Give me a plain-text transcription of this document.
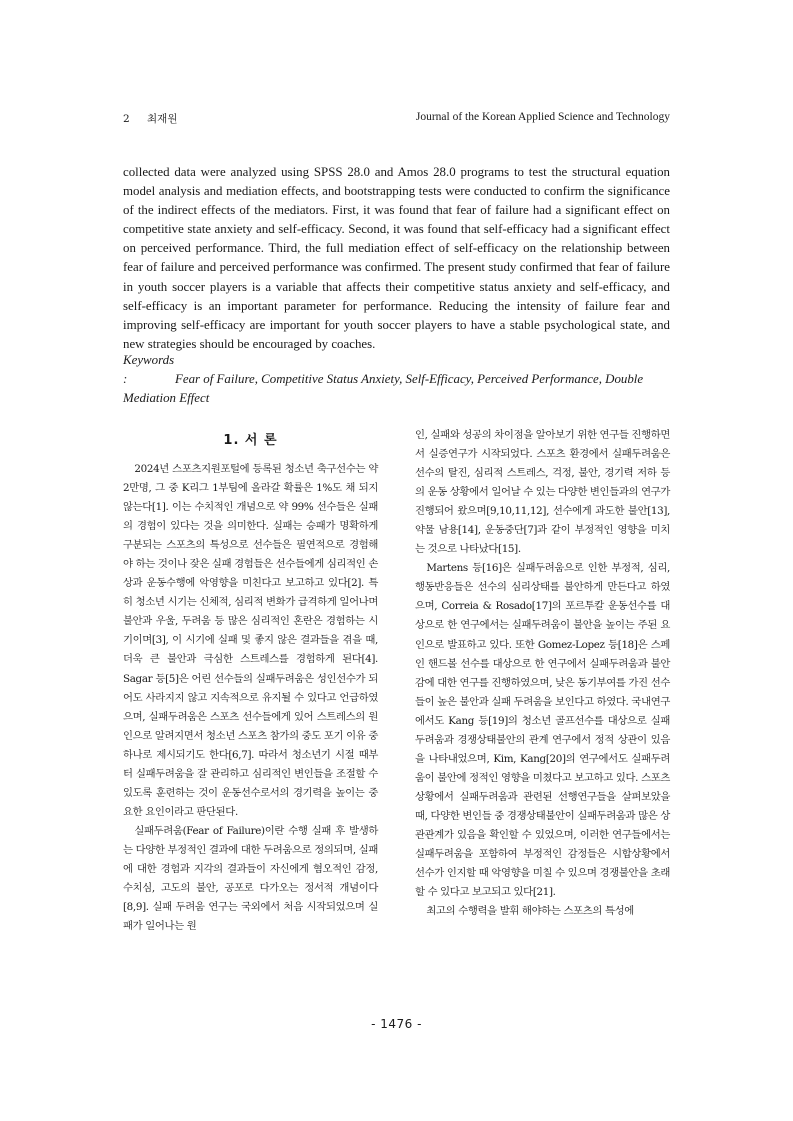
2 최재원	Journal of the Korean Applied Science and Technology
collected data were analyzed using SPSS 28.0 and Amos 28.0 programs to test the structural equation model analysis and mediation effects, and bootstrapping tests were conducted to confirm the significance of the indirect effects of the mediators. First, it was found that fear of failure had a significant effect on competitive state anxiety and self-efficacy. Second, it was found that self-efficacy had a significant effect on perceived performance. Third, the full mediation effect of self-efficacy on the relationship between fear of failure and perceived performance was confirmed. The present study confirmed that fear of failure in youth soccer players is a variable that affects their competitive status anxiety and self-efficacy, and self-efficacy is an important parameter for performance. Reducing the intensity of failure fear and improving self-efficacy are important for youth soccer players to have a stable psychological state, and new strategies should be encouraged by coaches.
Keywords :	Fear of Failure, Competitive Status Anxiety, Self-Efficacy, Perceived Performance, Double Mediation Effect
1. 서 론

2024년 스포츠지원포털에 등록된 청소년 축구선수는 약 2만명, 그 중 K리그 1부팀에 올라갈 확률은 1%도 채 되지 않는다[1]. 이는 수치적인 개념으로 약 99% 선수들은 실패의 경험이 있다는 것을 의미한다. 실패는 승패가 명확하게 구분되는 스포츠의 특성으로 선수들은 필연적으로 경험해야 하는 것이나 잦은 실패 경험들은 선수들에게 심리적인 손상과 운동수행에 악영향을 미친다고 보고하고 있다[2]. 특히 청소년 시기는 신체적, 심리적 변화가 급격하게 일어나며 불안과 우울, 두려움 등 많은 심리적인 혼란은 경험하는 시기이며[3], 이 시기에 실패 및 좋지 않은 결과들을 겪을 때, 더욱 큰 불안과 극심한 스트레스를 경험하게 된다[4]. Sagar 등[5]은 어린 선수들의 실패두려움은 성인선수가 되어도 사라지지 않고 지속적으로 유지될 수 있다고 언급하였으며, 실패두려움은 스포츠 선수들에게 있어 스트레스의 원인으로 알려지면서 청소년 스포츠 참가의 중도 포기 이유 중 하나로 제시되기도 한다[6,7]. 따라서 청소년기 시절 때부터 실패두려움을 잘 관리하고 심리적인 변인들을 조절할 수 있도록 훈련하는 것이 운동선수로서의 경기력을 높이는 중요한 요인이라고 판단된다.

실패두려움(Fear of Failure)이란 수행 실패 후 발생하는 다양한 부정적인 결과에 대한 두려움으로 정의되며, 실패에 대한 경험과 지각의 결과들이 자신에게 혐오적인 감정, 수치심, 고도의 불안, 공포로 다가오는 정서적 개념이다[8,9]. 실패 두려움 연구는 국외에서 처음 시작되었으며 실패가 일어나는 원

인, 실패와 성공의 차이점을 알아보기 위한 연구들 진행하면서 실증연구가 시작되었다. 스포츠 환경에서 실패두려움은 선수의 탈진, 심리적 스트레스, 걱정, 불안, 경기력 저하 등의 운동 상황에서 일어날 수 있는 다양한 변인들과의 연구가 진행되어 왔으며[9,10,11,12], 선수에게 과도한 불안[13], 약물 남용[14], 운동중단[7]과 같이 부정적인 영향을 미치는 것으로 나타났다[15].

Martens 등[16]은 실패두려움으로 인한 부정적, 심리, 행동반응들은 선수의 심리상태를 불안하게 만든다고 하였으며, Correia & Rosado[17]의 포르투칼 운동선수를 대상으로 한 연구에서는 실패두려움이 불안을 높이는 주된 요인으로 발표하고 있다. 또한 Gomez-Lopez 등[18]은 스페인 핸드볼 선수를 대상으로 한 연구에서 실패두려움과 불안감에 대한 연구를 진행하였으며, 낮은 동기부여를 가진 선수들이 높은 불안과 실패 두려움을 보인다고 하였다. 국내연구에서도 Kang 등[19]의 청소년 골프선수를 대상으로 실패두려움과 경쟁상태불안의 관계 연구에서 정적 상관이 있음을 나타내었으며, Kim, Kang[20]의 연구에서도 실패두려움이 불안에 정적인 영향을 미쳤다고 보고하고 있다. 스포츠상황에서 실패두려움과 관련된 선행연구들을 살펴보았을 때, 다양한 변인들 중 경쟁상태불안이 실패두려움과 많은 상관관계가 있음을 확인할 수 있었으며, 이러한 연구들에서는 실패두려움을 포함하여 부정적인 감정들은 시합상황에서 선수가 인지할 때 악영향을 미칠 수 있으며 경쟁불안을 초래할 수 있다고 보고되고 있다[21].

최고의 수행력을 발휘 해야하는 스포츠의 특성에

- 1476 -
